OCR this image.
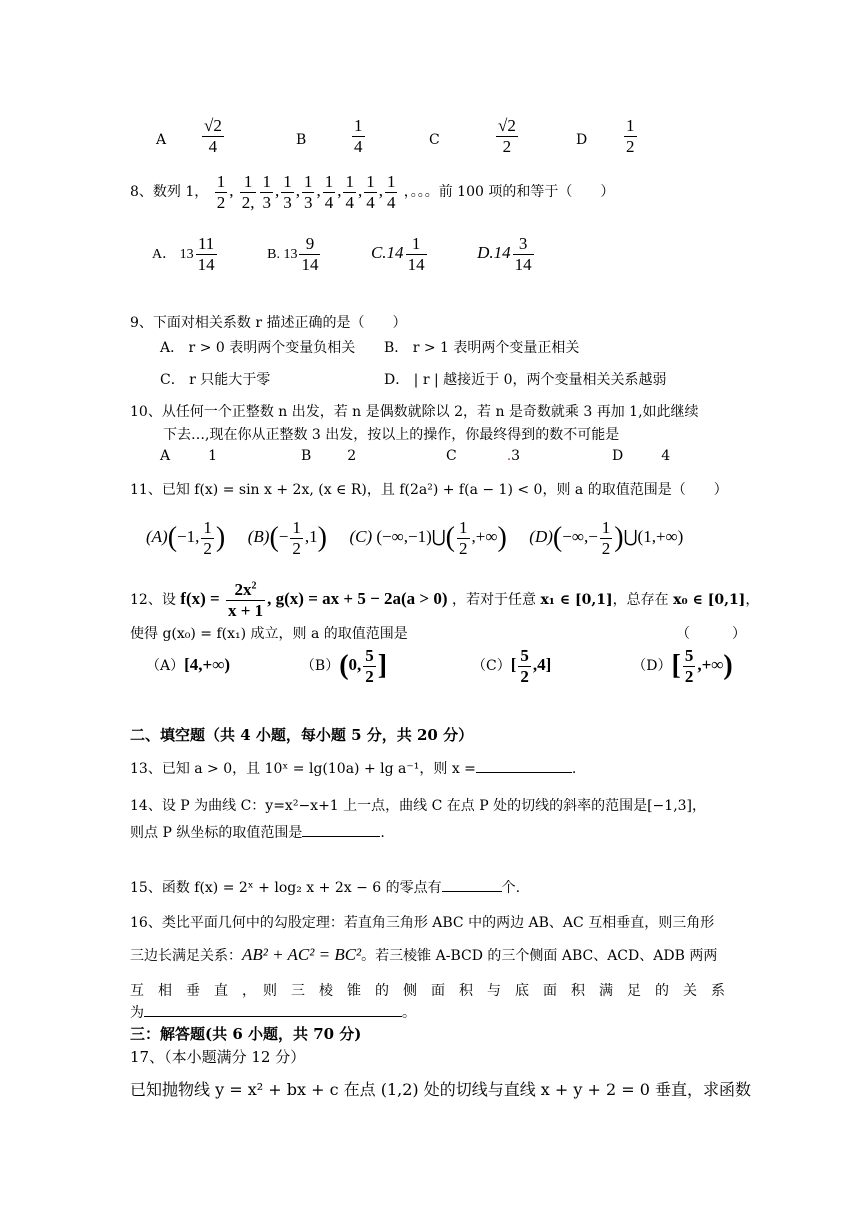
A $\frac{√2}{4}$	B	$\frac{1}{4}$	C	$\frac{√2}{2}$	D $\frac{1}{2}$
8、数列 1， $\frac{1}{2}$ , $\frac{1}{2,} \frac{1}{3}$ , $\frac{1}{3}$ , $\frac{1}{3}$ , $\frac{1}{4}$ , $\frac{1}{4}$ , $\frac{1}{4}$ , $\frac{1}{4}$ ，。。。前 100 项的和等于（　　）
A． $13 \frac{11}{14}$	B. $13 \frac{9}{14}$	$C.14 \frac{1}{14}$	$D.14 \frac{3}{14}$
9、下面对相关系数 r 描述正确的是（　　）
A． r > 0 表明两个变量负相关 B． r > 1 表明两个变量正相关
C． r 只能大于零	D． | r | 越接近于 0，两个变量相关关系越弱
10、从任何一个正整数 n 出发，若 n 是偶数就除以 2，若 n 是奇数就乘 3 再加 1,如此继续
下去…,现在你从正整数 3 出发，按以上的操作，你最终得到的数不可能是
A	1	B	2	C	.3	D	4
11、已知 f(x) = sin x + 2x, (x ∈ R)，且 f(2a²) + f(a − 1) < 0，则 a 的取值范围是（　　）
(A)(−1, $\frac{1}{2}$ ) $(B)(- \frac{1}{2} ,1)$ (C) (−∞,−1)⋃( $\frac{1}{2}$ ,+∞) $(D)(-\infty,- \frac{1}{2}$ )⋃(1,+∞)
12、设 $f(x) = \frac{2x^2}{x + 1}$ , g(x) = ax + 5 − 2a(a > 0) ，若对于任意 x₁ ∈ [0,1]，总存在 x₀ ∈ [0,1]，
使得 g(x₀) = f(x₁) 成立，则 a 的取值范围是	（　　　）
（A）[4,+∞)	（B）(0, $\frac{5}{2}$ ]	$(C)[ \frac{5}{2} ,4]$	$(D)[ \frac{5}{2}$ ,+∞)
二、填空题（共 4 小题，每小题 5 分，共 20 分）
13、已知 a > 0，且 10ˣ = lg(10a) + lg a⁻¹，则 x =	.
14、设 P 为曲线 C：y=x²−x+1 上一点，曲线 C 在点 P 处的切线的斜率的范围是[−1,3]，
则点 P 纵坐标的取值范围是	.
15、函数 f(x) = 2ˣ + log₂ x + 2x − 6 的零点有	个.
16、类比平面几何中的勾股定理：若直角三角形 ABC 中的两边 AB、AC 互相垂直，则三角形
三边长满足关系：AB² + AC² = BC²。若三棱锥 A-BCD 的三个侧面 ABC、ACD、ADB 两两
互　相　垂　直　，　则　三　棱　锥　的　侧　面　积　与　底　面　积　满　足　的　关　系
为	。
三：解答题(共 6 小题，共 70 分)
17、（本小题满分 12 分）
已知抛物线 y = x² + bx + c 在点 (1,2) 处的切线与直线 x + y + 2 = 0 垂直，求函数
